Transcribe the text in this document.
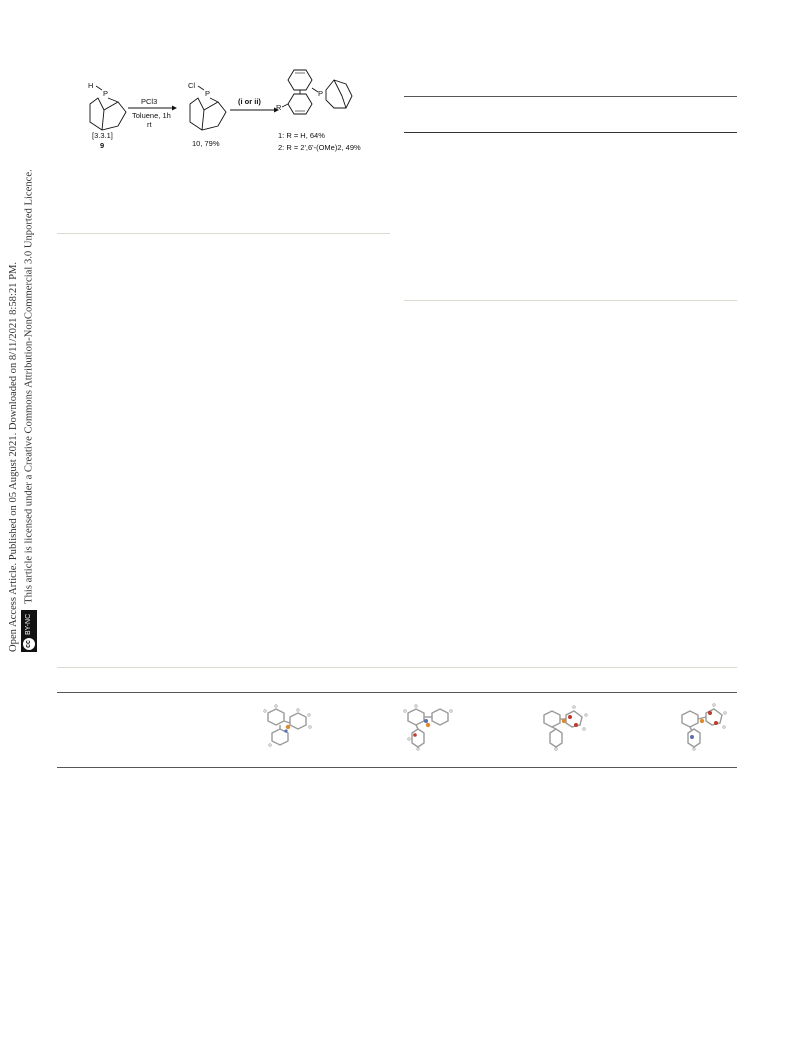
Open Access Article. Published on 05 August 2021. Downloaded on 8/11/2021 8:58:21 PM. ccBY-NCThis article is licensed under a Creative Commons Attribution-NonCommercial 3.0 Unported Licence.
H
P
[3.3.1]
9
PCl3
Toluene, 1h
rt
Cl
P
10, 79%
(i or ii)
R
P
1: R = H, 64%
2: R = 2',6'-(OMe)2, 49%
